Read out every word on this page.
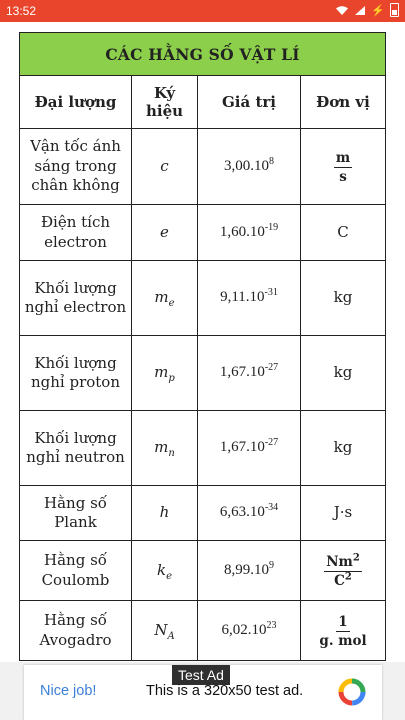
13:52	⚡
CÁC HẰNG SỐ VẬT LÍ			
Đại lượng	Ký hiệu	Giá trị	Đơn vị
Vận tốc ánh sáng trong chân không	c	3,00.10$^8$	$\frac{m}{s}$

Điện tích electron	e	$1,60.10^{-19}$	C
Khối lượng nghỉ electron	$m_e$	$9,11.10^{-31}$	kg
Khối lượng nghỉ proton	$m_p$	$1,67.10^{-27}$	kg
Khối lượng nghỉ neutron	$m_n$	$1,67.10^{-27}$	kg
Hằng số Plank	h	$6,63.10^{-34}$	J·s
Hằng số Coulomb	$k_e$	8,99.10$^9$	$\frac{Nm^2}{C^2}$

Hằng số Avogadro	$N_A$	6,02.10$^{23}$	$\frac{1}{\text{g. mol}}$
Test Ad
Nice job!	This is a 320x50 test ad.
